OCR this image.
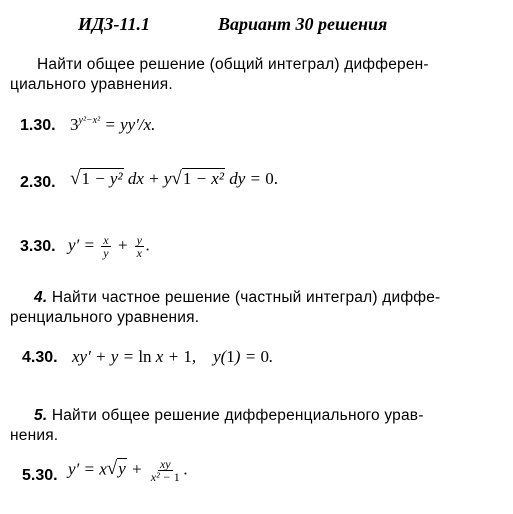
ИДЗ-11.1	Вариант 30 решения
Найти общее решение (общий интеграл) дифферен-
циального уравнения.
1.30. $3^{y^2-x^2} = yy'/x$.
2.30. √1 − y² dx + y√1 − x² dy = 0.
3.30. $y' = \frac{x}{y} + \frac{y}{x}$ .
4. Найти частное решение (частный интеграл) диффе-
ренциального уравнения.
4.30. xy′ + y = ln x + 1,    y(1) = 0.
5. Найти общее решение дифференциального урав-
нения.
5.30. $y' = x√y + \frac{xy}{\text{x² − 1}}$ .
